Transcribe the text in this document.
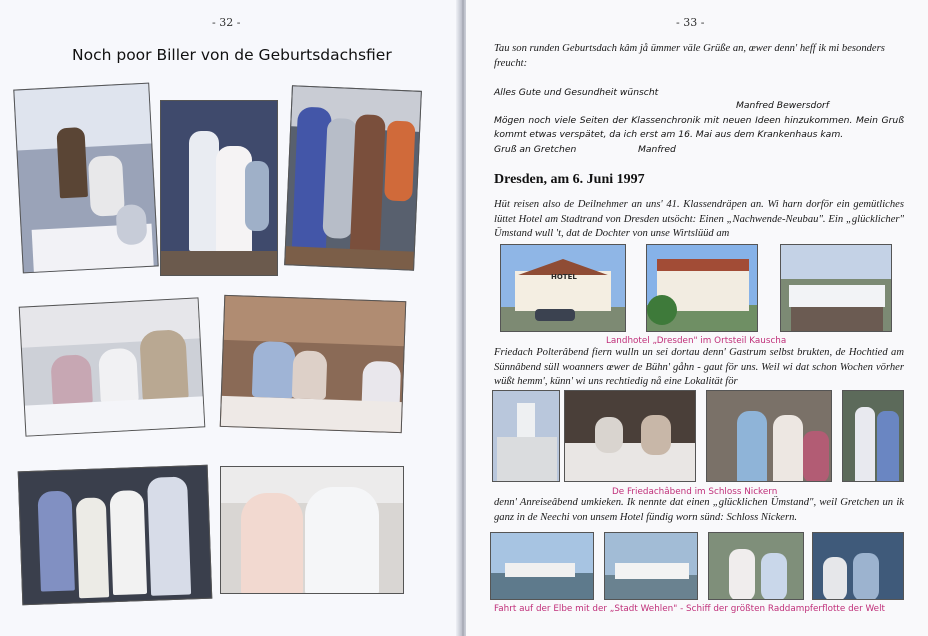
- 32 -
Noch poor Biller von de Geburtsdachsfier
- 33 -
Tau son runden Geburtsdach kâm jå ümmer väle Grüße an, œwer denn' heff ik mi besonders freucht:
Alles Gute und Gesundheit wünscht
Manfred Bewersdorf
Mögen noch viele Seiten der Klassenchronik mit neuen Ideen hinzukommen. Mein Gruß kommt etwas verspätet, da ich erst am 16. Mai aus dem Krankenhaus kam.
Gruß an Gretchen	Manfred
Dresden, am 6. Juni 1997
Hüt reisen also de Deilnehmer an uns' 41. Klassendräpen an. Wi harn dorför ein gemütliches lüttet Hotel am Stadtrand von Dresden utsöcht: Einen „Nachwende-Neubau". Ein „glücklicher" Ümstand wull 't, dat de Dochter von unse Wirtslüüd am
HOTEL
Landhotel „Dresden" im Ortsteil Kauscha
Friedach Polterâbend fiern wulln un sei dortau denn' Gastrum selbst brukten, de Hochtied am Sünnâbend süll woanners œwer de Bühn' gåhn - gaut för uns. Weil wi dat schon Wochen vörher wüßt hemm', künn' wi uns rechtiedig nå eine Lokalität för
De Friedachâbend im Schloss Nickern
denn' Anreiseâbend umkieken. Ik nennte dat einen „glücklichen Ümstand", weil Gretchen un ik ganz in de Neechi von unsem Hotel fündig worn sünd: Schloss Nickern.
Fahrt auf der Elbe mit der „Stadt Wehlen" - Schiff der größten Raddampferflotte der Welt
